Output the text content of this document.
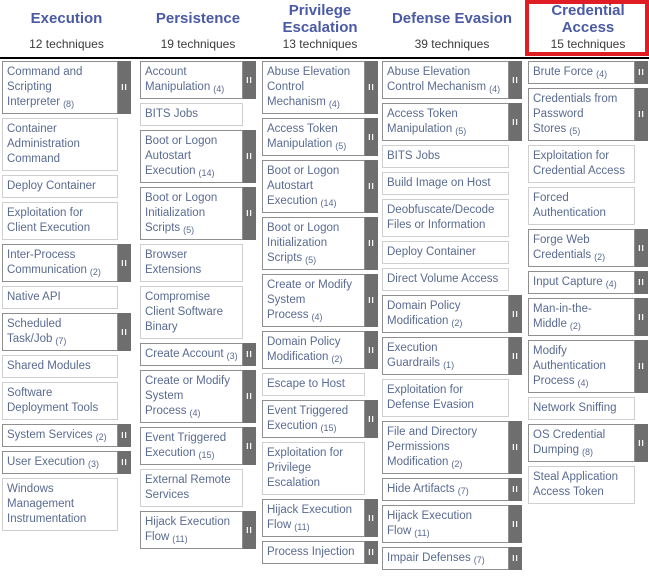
Execution
12 techniques
Command and Scripting Interpreter (8)
II
Container Administration Command
Deploy Container
Exploitation for Client Execution
Inter-Process Communication (2)
II
Native API
Scheduled Task/Job (7)
II
Shared Modules
Software Deployment Tools
System Services (2)	II
User Execution (3)	II
Windows Management Instrumentation
Persistence
19 techniques
Account Manipulation (4)
II
BITS Jobs
Boot or Logon Autostart Execution (14)
II
Boot or Logon Initialization Scripts (5)
II
Browser Extensions
Compromise Client Software Binary
Create Account (3)	II
Create or Modify System Process (4)
II
Event Triggered Execution (15)
II
External Remote Services
Hijack Execution Flow (11)
II
Privilege Escalation
13 techniques
Abuse Elevation Control Mechanism (4)
II
Access Token Manipulation (5)
II
Boot or Logon Autostart Execution (14)
II
Boot or Logon Initialization Scripts (5)
II
Create or Modify System Process (4)
II
Domain Policy Modification (2)
II
Escape to Host
Event Triggered Execution (15)
II
Exploitation for Privilege Escalation
Hijack Execution Flow (11)
II
Process Injection	II
Defense Evasion
39 techniques
Abuse Elevation Control Mechanism (4)
II
Access Token Manipulation (5)
II
BITS Jobs
Build Image on Host
Deobfuscate/Decode Files or Information
Deploy Container
Direct Volume Access
Domain Policy Modification (2)
II
Execution Guardrails (1)
II
Exploitation for Defense Evasion
File and Directory Permissions Modification (2)
II
Hide Artifacts (7)	II
Hijack Execution Flow (11)
II
Impair Defenses (7)	II
Credential Access
15 techniques
Brute Force (4)	II
Credentials from Password Stores (5)
II
Exploitation for Credential Access
Forced Authentication
Forge Web Credentials (2)
II
Input Capture (4)	II
Man-in-the-Middle (2)
II
Modify Authentication Process (4)
II
Network Sniffing
OS Credential Dumping (8)
II
Steal Application Access Token
